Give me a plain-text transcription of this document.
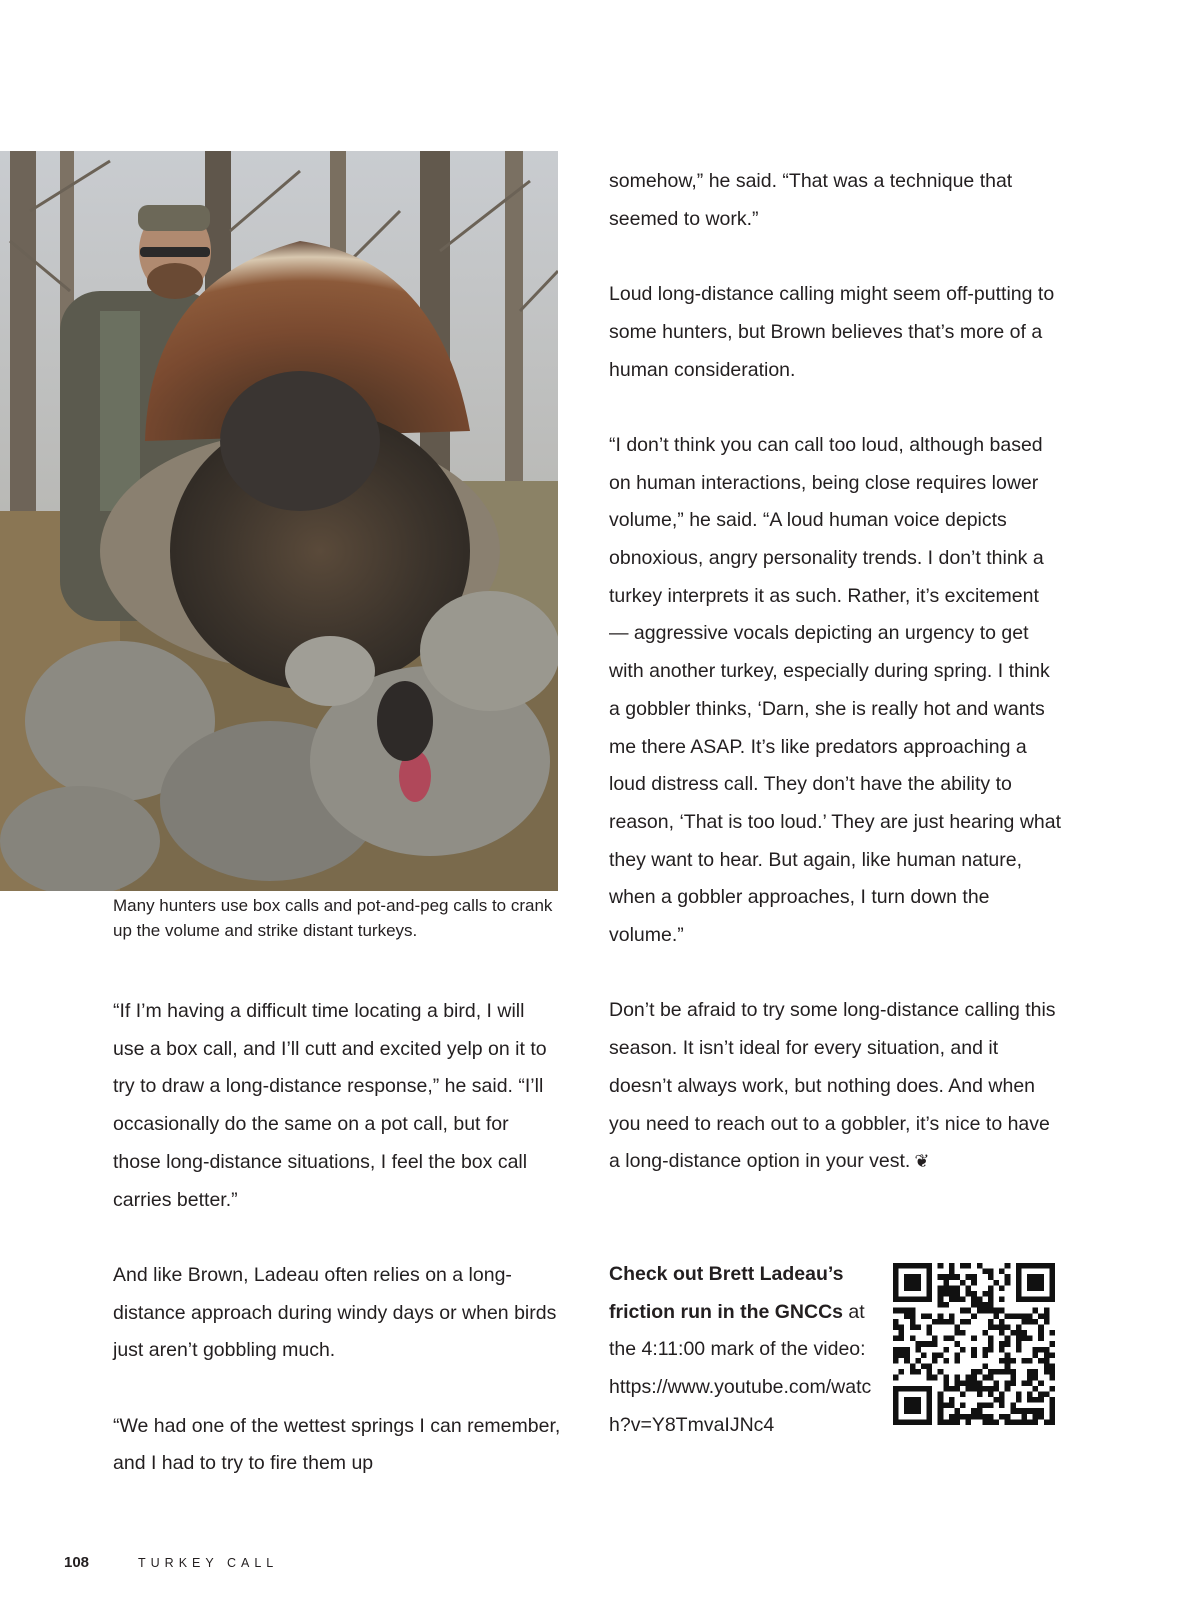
Many hunters use box calls and pot-and-peg calls to crank up the volume and strike distant turkeys.

“If I’m having a difficult time locating a bird, I will use a box call, and I’ll cutt and excited yelp on it to try to draw a long-distance response,” he said. “I’ll occasionally do the same on a pot call, but for those long-distance situations, I feel the box call carries better.”

And like Brown, Ladeau often relies on a long-distance approach during windy days or when birds just aren’t gobbling much.

“We had one of the wettest springs I can remember, and I had to try to fire them up

somehow,” he said. “That was a technique that seemed to work.”

Loud long-distance calling might seem off-putting to some hunters, but Brown believes that’s more of a human consideration.

“I don’t think you can call too loud, although based on human interactions, being close requires lower volume,” he said. “A loud human voice depicts obnoxious, angry personality trends. I don’t think a turkey interprets it as such. Rather, it’s excitement — aggressive vocals depicting an urgency to get with another turkey, especially during spring. I think a gobbler thinks, ‘Darn, she is really hot and wants me there ASAP. It’s like predators approaching a loud distress call. They don’t have the ability to reason, ‘That is too loud.’ They are just hearing what they want to hear. But again, like human nature, when a gobbler approaches, I turn down the volume.”

Don’t be afraid to try some long-distance calling this season. It isn’t ideal for every situation, and it doesn’t always work, but nothing does. And when you need to reach out to a gobbler, it’s nice to have a long-distance option in your vest. ❦

Check out Brett Ladeau’s friction run in the GNCCs at the 4:11:00 mark of the video: https://www.youtube.com/watch?v=Y8TmvaIJNc4
108	TURKEY CALL
